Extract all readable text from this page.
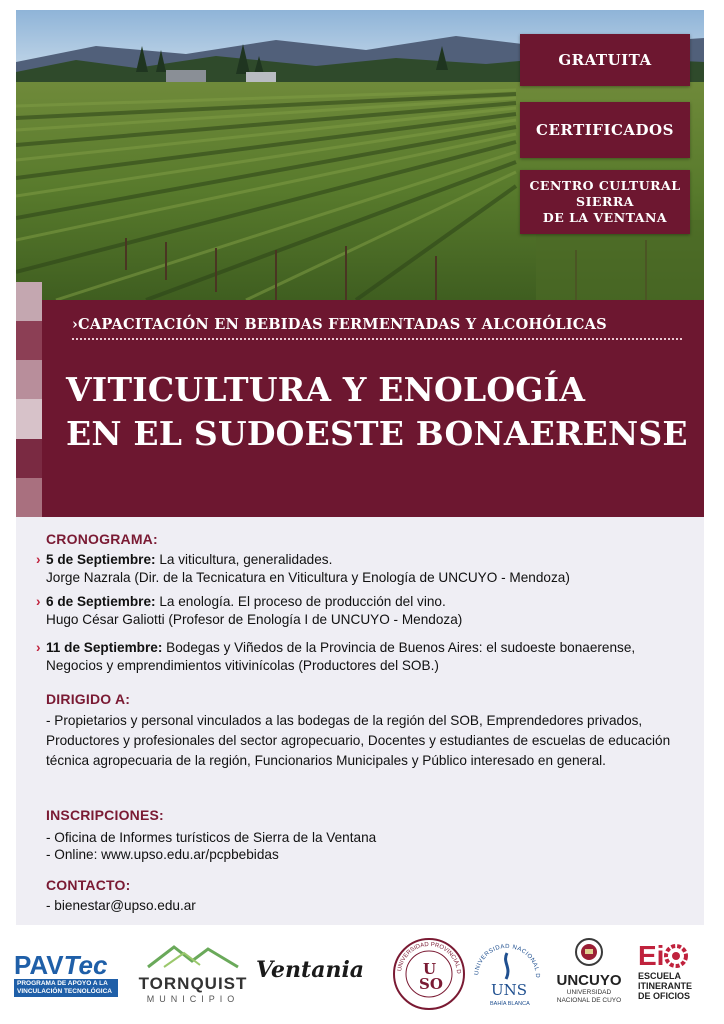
GRATUITA
CERTIFICADOS
CENTRO CULTURAL
SIERRA
DE LA VENTANA
›CAPACITACIÓN EN BEBIDAS FERMENTADAS Y ALCOHÓLICAS
VITICULTURA Y ENOLOGÍA
EN EL SUDOESTE BONAERENSE
CRONOGRAMA:
› 5 de Septiembre: La viticultura, generalidades.
Jorge Nazrala (Dir. de la Tecnicatura en Viticultura y Enología de UNCUYO - Mendoza)
› 6 de Septiembre: La enología. El proceso de producción del vino.
Hugo César Galiotti (Profesor de Enología I de UNCUYO - Mendoza)
› 11 de Septiembre: Bodegas y Viñedos de la Provincia de Buenos Aires: el sudoeste bonaerense,
Negocios y emprendimientos vitivinícolas (Productores del SOB.)
DIRIGIDO A:
- Propietarios y personal vinculados a las bodegas de la región del SOB, Emprendedores privados, Productores y profesionales del sector agropecuario, Docentes y estudiantes de escuelas de educación técnica agropecuaria de la región, Funcionarios Municipales y Público interesado en general.
INSCRIPCIONES:
- Oficina de Informes turísticos de Sierra de la Ventana
- Online: www.upso.edu.ar/pcpbebidas
CONTACTO:
- bienestar@upso.edu.ar
PAVTec
PROGRAMA DE APOYO A LA
VINCULACIÓN TECNOLÓGICA TORNQUIST
MUNICIPIO
Ventania	UNIVERSIDAD PROVINCIAL D
U
SO
UNIVERSIDAD NACIONAL D
UNS
BAHÍA BLANCA
UNCUYO
UNIVERSIDAD
NACIONAL DE CUYO
Ei
ESCUELA
ITINERANTE
DE OFICIOS
